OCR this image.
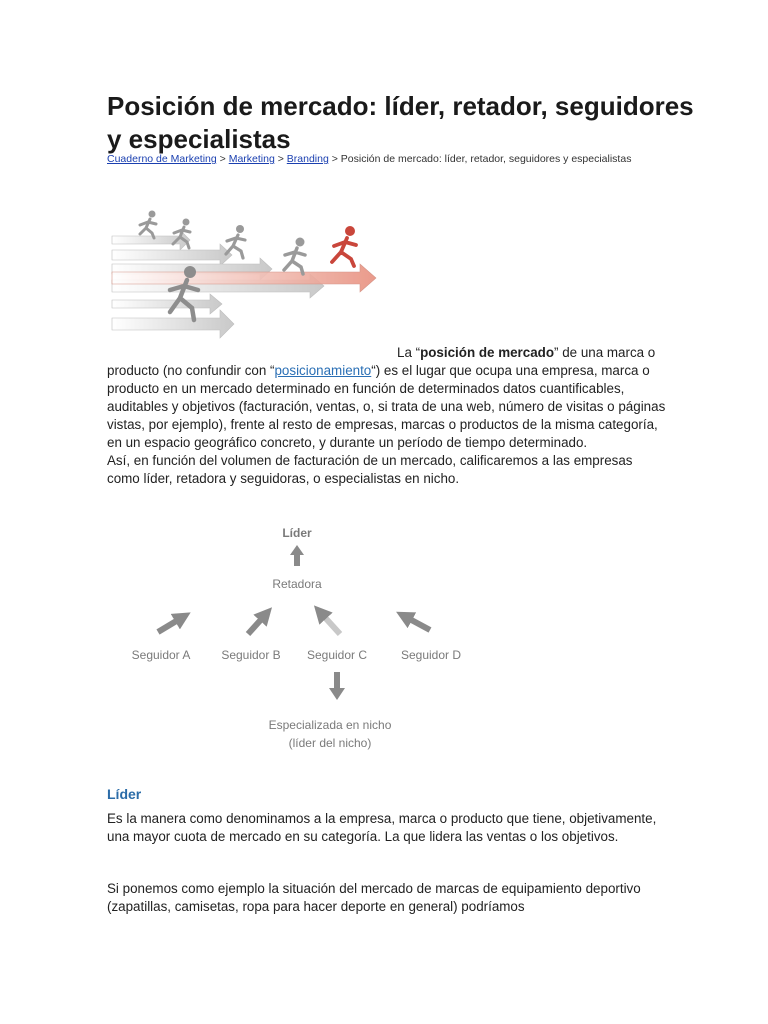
Posición de mercado: líder, retador, seguidores y especialistas
Cuaderno de Marketing > Marketing > Branding > Posición de mercado: líder, retador, seguidores y especialistas

La “posición de mercado” de una marca o producto (no confundir con “posicionamiento“) es el lugar que ocupa una empresa, marca o producto en un mercado determinado en función de determinados datos cuantificables, auditables y objetivos (facturación, ventas, o, si trata de una web, número de visitas o páginas vistas, por ejemplo), frente al resto de empresas, marcas o productos de la misma categoría, en un espacio geográfico concreto, y durante un período de tiempo determinado.
Así, en función del volumen de facturación de un mercado, calificaremos a las empresas como líder, retadora y seguidoras, o especialistas en nicho.

Líder
Retadora
Seguidor A	Seguidor B Seguidor C	Seguidor D
Especializada en nicho
(líder del nicho)
Líder

Es la manera como denominamos a la empresa, marca o producto que tiene, objetivamente, una mayor cuota de mercado en su categoría. La que lidera las ventas o los objetivos.

Si ponemos como ejemplo la situación del mercado de marcas de equipamiento deportivo (zapatillas, camisetas, ropa para hacer deporte en general) podríamos
